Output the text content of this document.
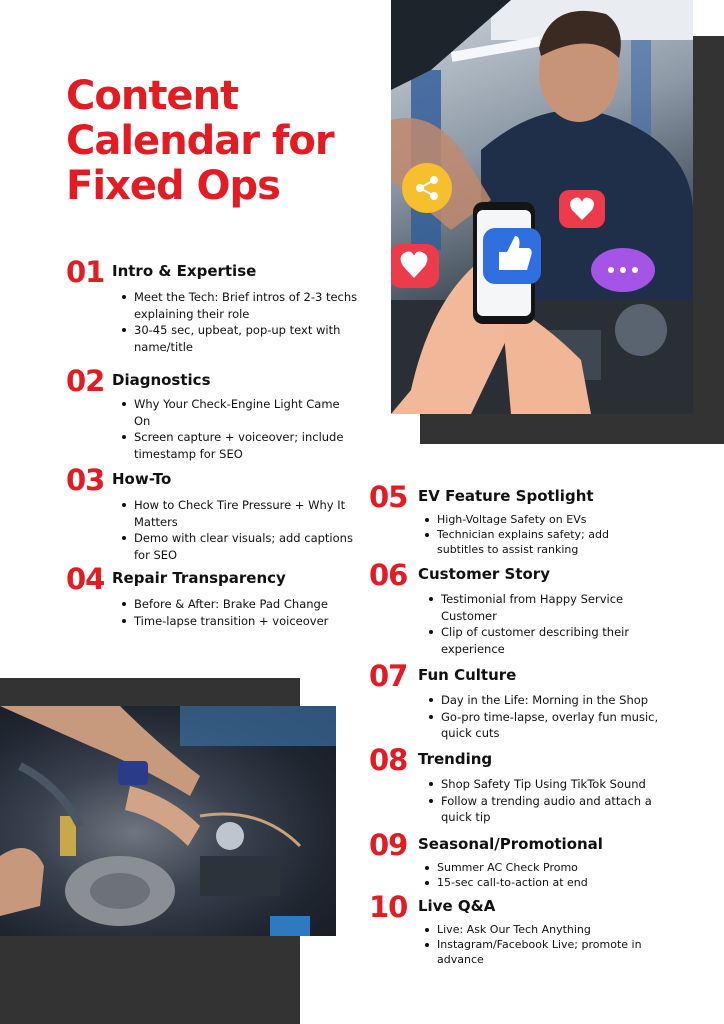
Content
Calendar for
Fixed Ops
01 Intro & Expertise
Meet the Tech: Brief intros of 2-3 techs explaining their role
30-45 sec, upbeat, pop-up text with name/title
02 Diagnostics
Why Your Check-Engine Light Came On
Screen capture + voiceover; include timestamp for SEO
03 How-To
How to Check Tire Pressure + Why It Matters
Demo with clear visuals; add captions for SEO
04 Repair Transparency
Before & After: Brake Pad Change
Time-lapse transition + voiceover
05 EV Feature Spotlight
High-Voltage Safety on EVs
Technician explains safety; add subtitles to assist ranking
06 Customer Story
Testimonial from Happy Service Customer
Clip of customer describing their experience
07 Fun Culture
Day in the Life: Morning in the Shop
Go-pro time-lapse, overlay fun music, quick cuts
08 Trending
Shop Safety Tip Using TikTok Sound
Follow a trending audio and attach a quick tip
09 Seasonal/Promotional
Summer AC Check Promo
15-sec call-to-action at end
10 Live Q&A
Live: Ask Our Tech Anything
Instagram/Facebook Live; promote in advance
